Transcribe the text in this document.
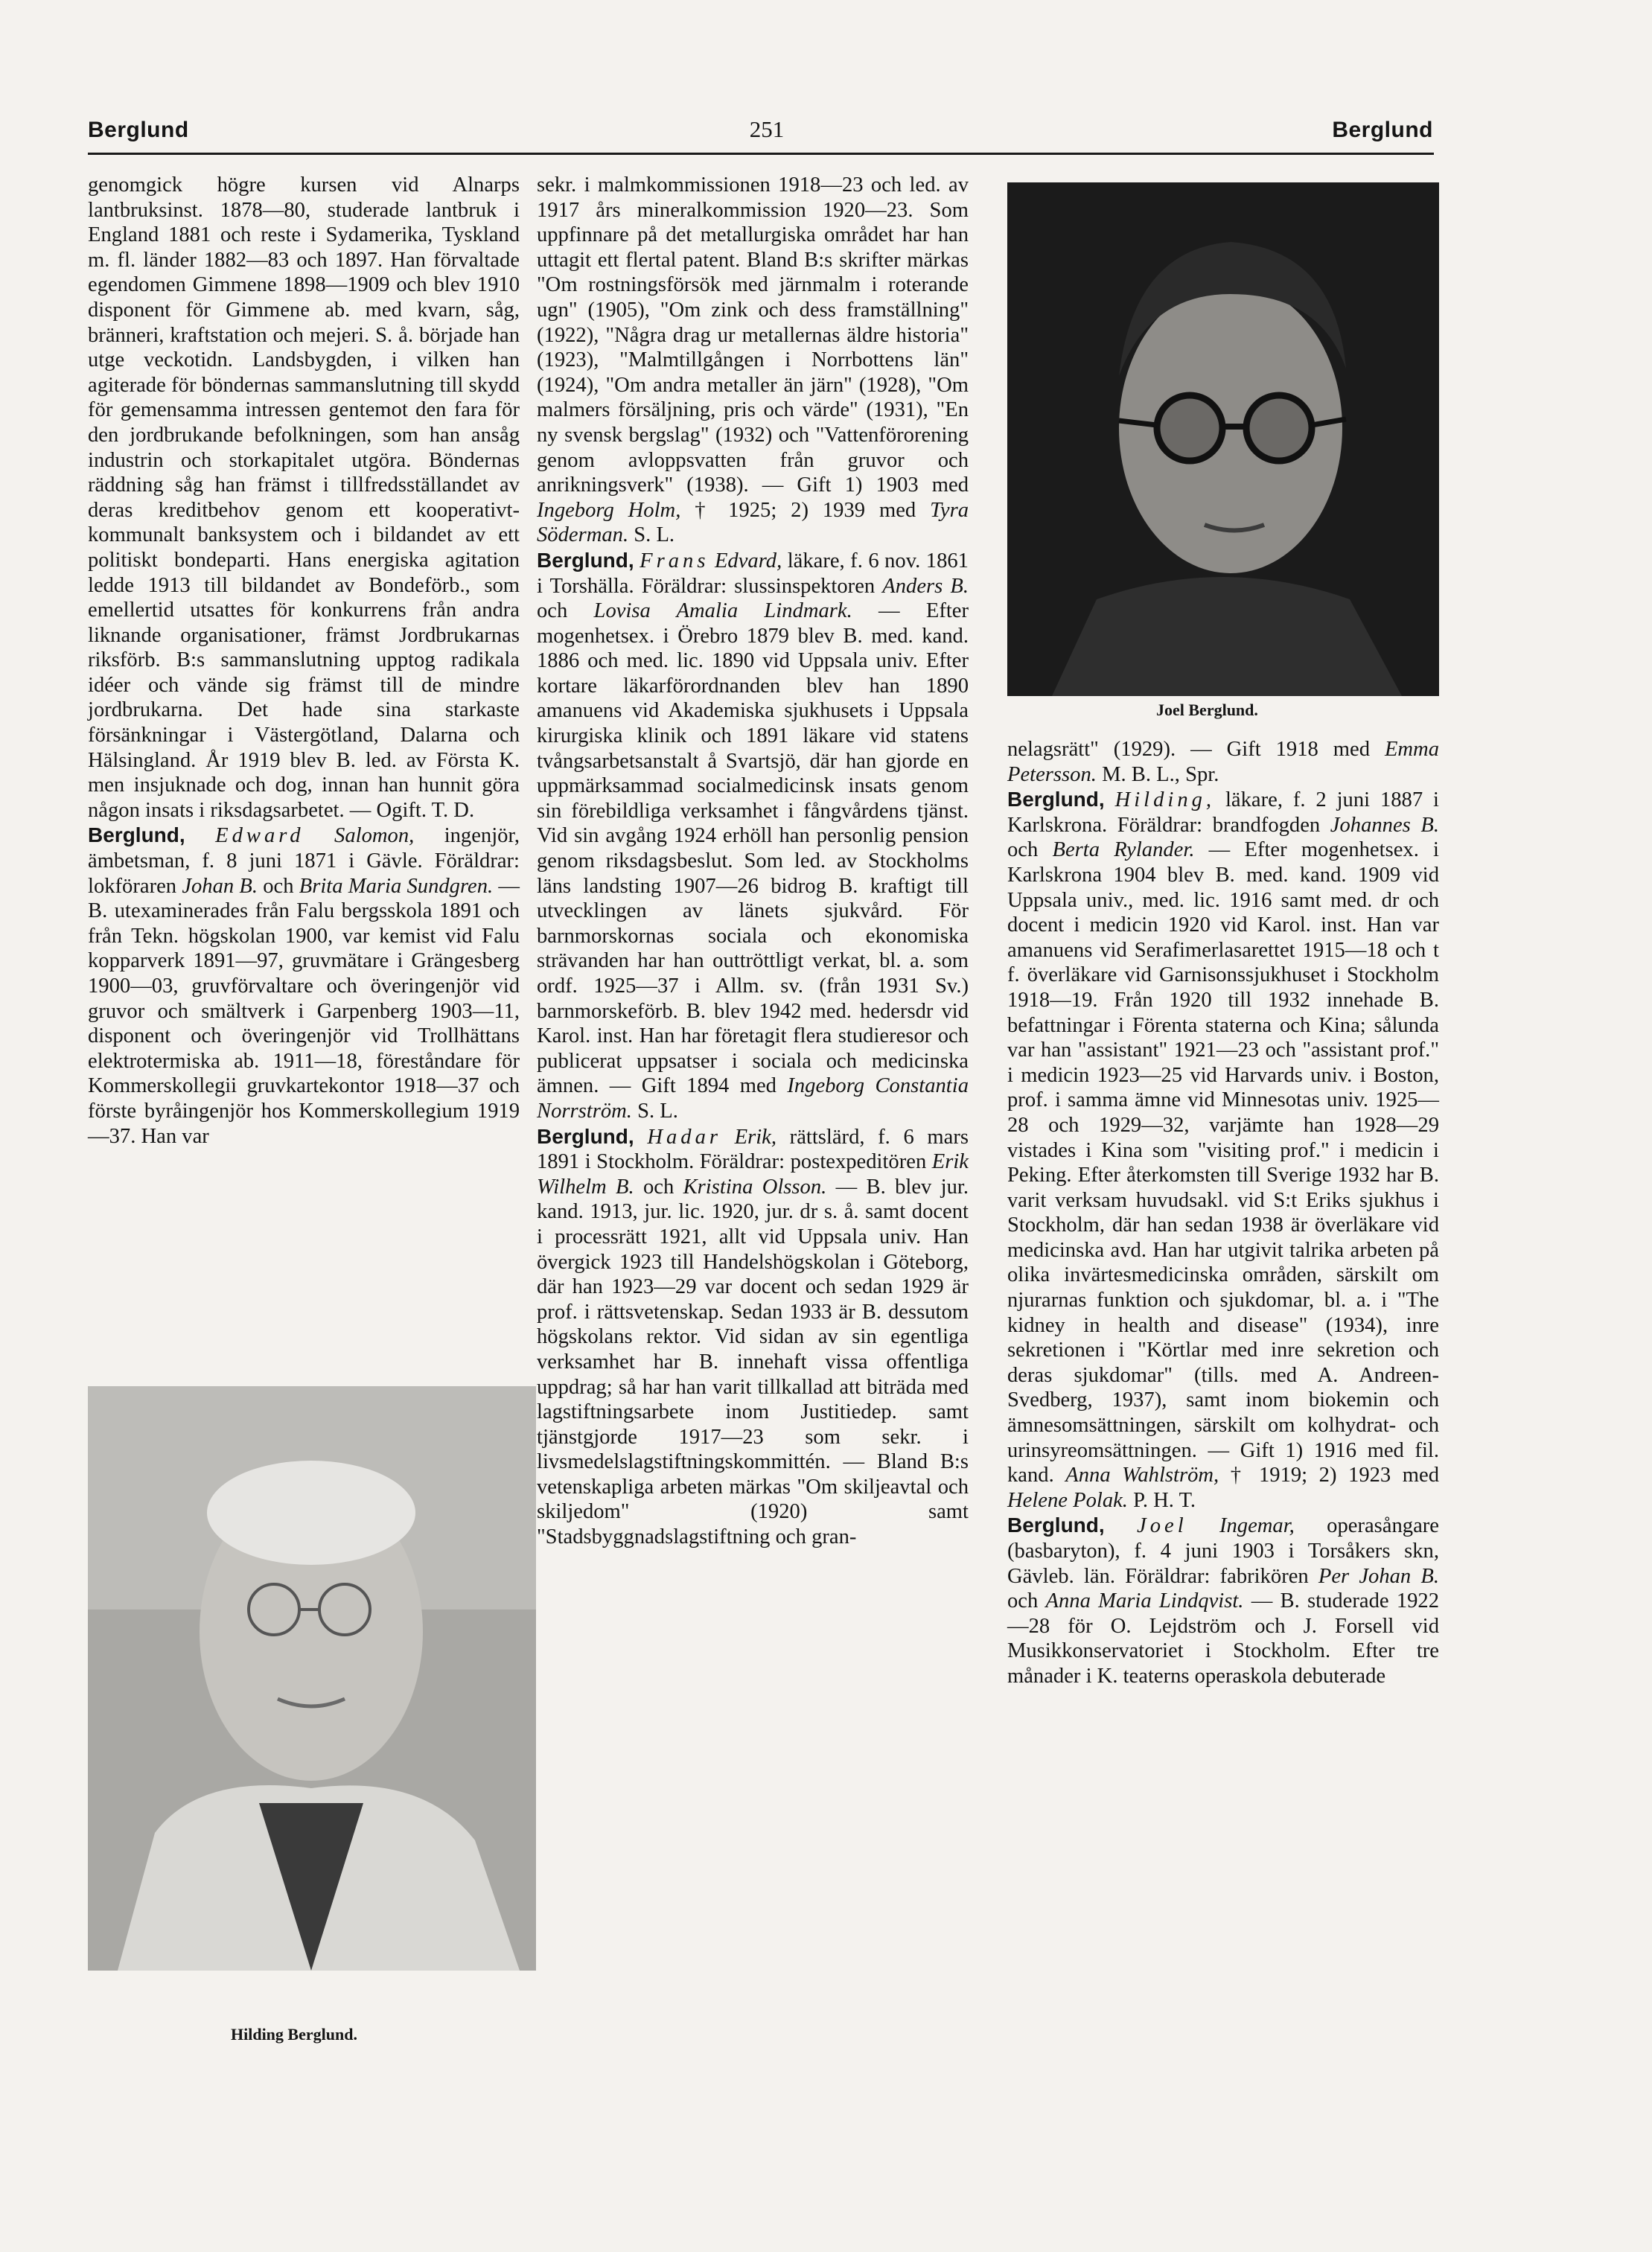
Berglund	251	Berglund

genomgick högre kursen vid Alnarps lantbruksinst. 1878—80, studerade lantbruk i England 1881 och reste i Sydamerika, Tyskland m. fl. länder 1882—83 och 1897. Han förvaltade egendomen Gimmene 1898—1909 och blev 1910 disponent för Gimmene ab. med kvarn, såg, bränneri, kraftstation och mejeri. S. å. började han utge veckotidn. Landsbygden, i vilken han agiterade för böndernas sammanslutning till skydd för gemensamma intressen gentemot den fara för den jordbrukande befolkningen, som han ansåg industrin och storkapitalet utgöra. Böndernas räddning såg han främst i tillfredsställandet av deras kreditbehov genom ett kooperativt-kommunalt banksystem och i bildandet av ett politiskt bondeparti. Hans energiska agitation ledde 1913 till bildandet av Bondeförb., som emellertid utsattes för konkurrens från andra liknande organisationer, främst Jordbrukarnas riksförb. B:s sammanslutning upptog radikala idéer och vände sig främst till de mindre jordbrukarna. Det hade sina starkaste försänkningar i Västergötland, Dalarna och Hälsingland. År 1919 blev B. led. av Första K. men insjuknade och dog, innan han hunnit göra någon insats i riksdagsarbetet. — Ogift. T. D.

Berglund, Edward Salomon, ingenjör, ämbetsman, f. 8 juni 1871 i Gävle. Föräldrar: lokföraren Johan B. och Brita Maria Sundgren. — B. utexaminerades från Falu bergsskola 1891 och från Tekn. högskolan 1900, var kemist vid Falu kopparverk 1891—97, gruvmätare i Grängesberg 1900—03, gruvförvaltare och överingenjör vid gruvor och smältverk i Garpenberg 1903—11, disponent och överingenjör vid Trollhättans elektrotermiska ab. 1911—18, föreståndare för Kommerskollegii gruvkartekontor 1918—37 och förste byråingenjör hos Kommerskollegium 1919—37. Han var

Hilding Berglund.

sekr. i malmkommissionen 1918—23 och led. av 1917 års mineralkommission 1920—23. Som uppfinnare på det metallurgiska området har han uttagit ett flertal patent. Bland B:s skrifter märkas "Om rostningsförsök med järnmalm i roterande ugn" (1905), "Om zink och dess framställning" (1922), "Några drag ur metallernas äldre historia" (1923), "Malmtillgången i Norrbottens län" (1924), "Om andra metaller än järn" (1928), "Om malmers försäljning, pris och värde" (1931), "En ny svensk bergslag" (1932) och "Vattenförorening genom avloppsvatten från gruvor och anrikningsverk" (1938). — Gift 1) 1903 med Ingeborg Holm, † 1925; 2) 1939 med Tyra Söderman. S. L.

Berglund, Frans Edvard, läkare, f. 6 nov. 1861 i Torshälla. Föräldrar: slussinspektoren Anders B. och Lovisa Amalia Lindmark. — Efter mogenhetsex. i Örebro 1879 blev B. med. kand. 1886 och med. lic. 1890 vid Uppsala univ. Efter kortare läkarförordnanden blev han 1890 amanuens vid Akademiska sjukhusets i Uppsala kirurgiska klinik och 1891 läkare vid statens tvångsarbetsanstalt å Svartsjö, där han gjorde en uppmärksammad socialmedicinsk insats genom sin förebildliga verksamhet i fångvårdens tjänst. Vid sin avgång 1924 erhöll han personlig pension genom riksdagsbeslut. Som led. av Stockholms läns landsting 1907—26 bidrog B. kraftigt till utvecklingen av länets sjukvård. För barnmorskornas sociala och ekonomiska strävanden har han outtröttligt verkat, bl. a. som ordf. 1925—37 i Allm. sv. (från 1931 Sv.) barnmorskeförb. B. blev 1942 med. hedersdr vid Karol. inst. Han har företagit flera studieresor och publicerat uppsatser i sociala och medicinska ämnen. — Gift 1894 med Ingeborg Constantia Norrström. S. L.

Berglund, Hadar Erik, rättslärd, f. 6 mars 1891 i Stockholm. Föräldrar: postexpeditören Erik Wilhelm B. och Kristina Olsson. — B. blev jur. kand. 1913, jur. lic. 1920, jur. dr s. å. samt docent i processrätt 1921, allt vid Uppsala univ. Han övergick 1923 till Handelshögskolan i Göteborg, där han 1923—29 var docent och sedan 1929 är prof. i rättsvetenskap. Sedan 1933 är B. dessutom högskolans rektor. Vid sidan av sin egentliga verksamhet har B. innehaft vissa offentliga uppdrag; så har han varit tillkallad att biträda med lagstiftningsarbete inom Justitiedep. samt tjänstgjorde 1917—23 som sekr. i livsmedelslagstiftningskommittén. — Bland B:s vetenskapliga arbeten märkas "Om skiljeavtal och skiljedom" (1920) samt "Stadsbyggnadslagstiftning och gran-

Joel Berglund.

nelagsrätt" (1929). — Gift 1918 med Emma Petersson. M. B. L., Spr.

Berglund, Hilding, läkare, f. 2 juni 1887 i Karlskrona. Föräldrar: brandfogden Johannes B. och Berta Rylander. — Efter mogenhetsex. i Karlskrona 1904 blev B. med. kand. 1909 vid Uppsala univ., med. lic. 1916 samt med. dr och docent i medicin 1920 vid Karol. inst. Han var amanuens vid Serafimerlasarettet 1915—18 och t f. överläkare vid Garnisonssjukhuset i Stockholm 1918—19. Från 1920 till 1932 innehade B. befattningar i Förenta staterna och Kina; sålunda var han "assistant" 1921—23 och "assistant prof." i medicin 1923—25 vid Harvards univ. i Boston, prof. i samma ämne vid Minnesotas univ. 1925—28 och 1929—32, varjämte han 1928—29 vistades i Kina som "visiting prof." i medicin i Peking. Efter återkomsten till Sverige 1932 har B. varit verksam huvudsakl. vid S:t Eriks sjukhus i Stockholm, där han sedan 1938 är överläkare vid medicinska avd. Han har utgivit talrika arbeten på olika invärtesmedicinska områden, särskilt om njurarnas funktion och sjukdomar, bl. a. i "The kidney in health and disease" (1934), inre sekretionen i "Körtlar med inre sekretion och deras sjukdomar" (tills. med A. Andreen-Svedberg, 1937), samt inom biokemin och ämnesomsättningen, särskilt om kolhydrat- och urinsyreomsättningen. — Gift 1) 1916 med fil. kand. Anna Wahlström, † 1919; 2) 1923 med Helene Polak. P. H. T.

Berglund, Joel Ingemar, operasångare (basbaryton), f. 4 juni 1903 i Torsåkers skn, Gävleb. län. Föräldrar: fabrikören Per Johan B. och Anna Maria Lindqvist. — B. studerade 1922—28 för O. Lejdström och J. Forsell vid Musikkonservatoriet i Stockholm. Efter tre månader i K. teaterns operaskola debuterade
